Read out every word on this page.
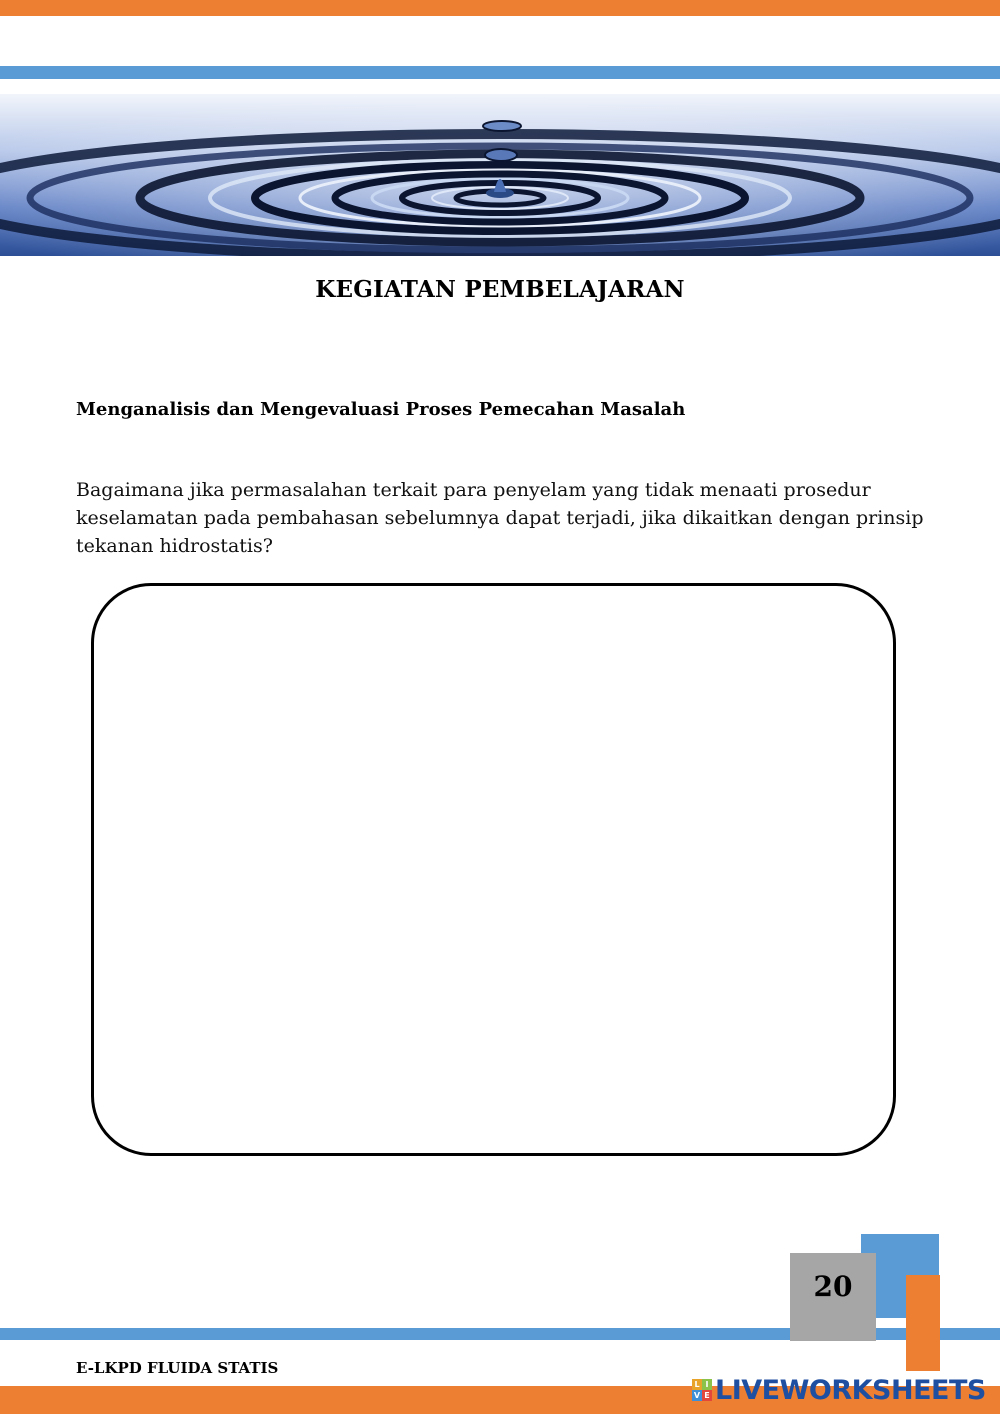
KEGIATAN PEMBELAJARAN
Menganalisis dan Mengevaluasi Proses Pemecahan Masalah
Bagaimana jika permasalahan terkait para penyelam yang tidak menaati prosedur keselamatan pada pembahasan sebelumnya dapat terjadi, jika dikaitkan dengan prinsip tekanan hidrostatis?
20
E-LKPD FLUIDA STATIS
L I
V E LIVEWORKSHEETS
